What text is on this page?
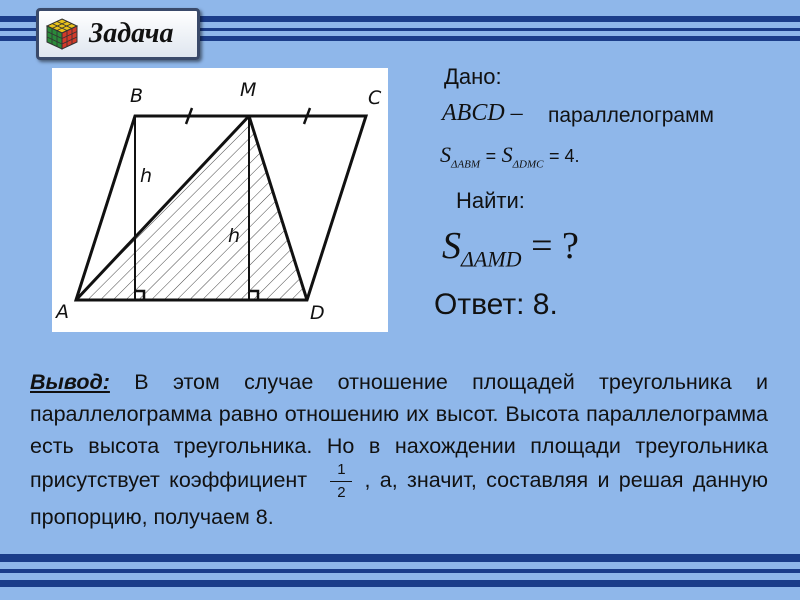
Задача
B	M	C
A	D
h
h
Дано:
ABCD – параллелограмм
$S_{\Delta ABM} = S_{\Delta DMC} = 4$.
Найти:
$S_{\Delta AMD}$ = ?
Ответ: 8.
Вывод: В этом случае отношение площадей треугольника и параллелограмма равно отношению их высот. Высота параллелограмма есть высота треугольника. Но в нахождении площади треугольника присутствует коэффициент $\frac{1}{2}$ , а, значит, составляя и решая данную пропорцию, получаем 8.
